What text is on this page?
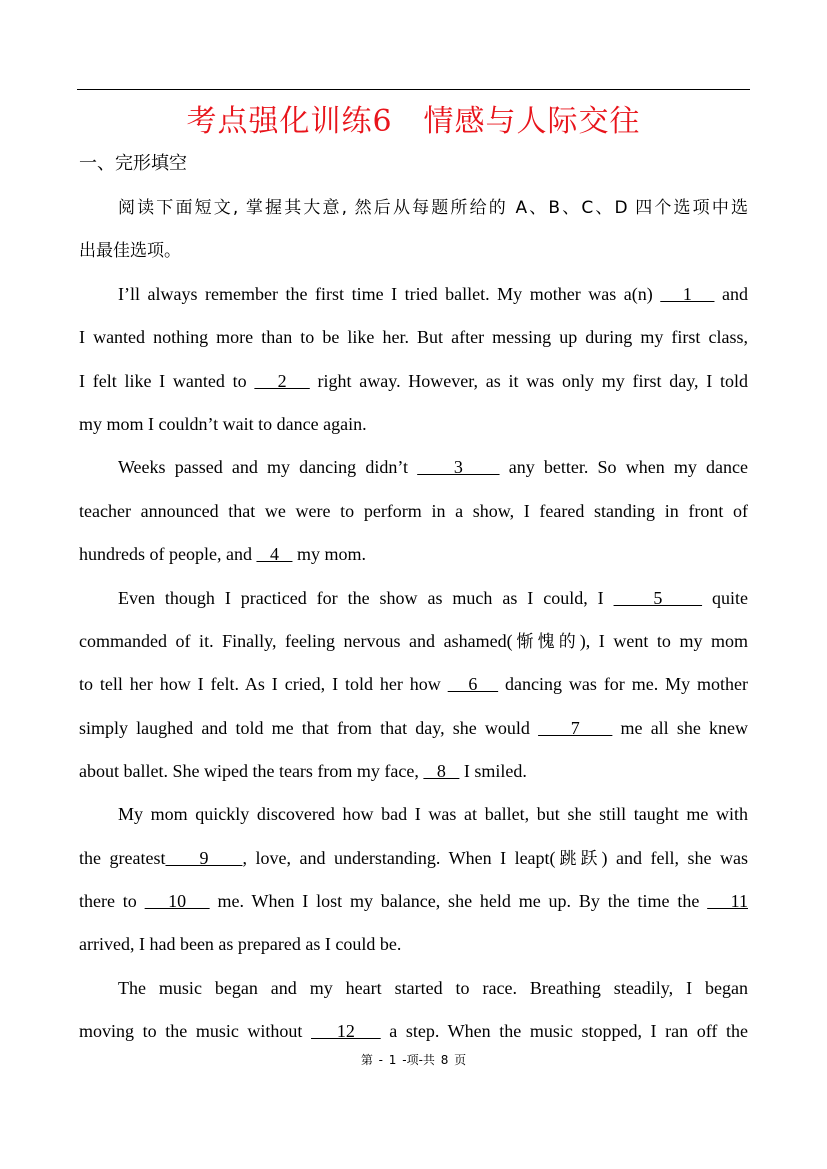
考点强化训练6　情感与人际交往
一、完形填空
阅读下面短文, 掌握其大意, 然后从每题所给的 A、B、C、D 四个选项中选
出最佳选项。
I’ll always remember the first time I tried ballet. My mother was a(n)    1    and
I wanted nothing more than to be like her. But after messing up during my first class,
I felt like I wanted to    2    right away. However, as it was only my first day, I told
my mom I couldn’t wait to dance again.
Weeks passed and my dancing didn’t     3     any better. So when my dance
teacher announced that we were to perform in a show, I feared standing in front of
hundreds of people, and    4    my mom.
Even though I practiced for the show as much as I could, I     5     quite
commanded of it. Finally, feeling nervous and ashamed(惭愧的), I went to my mom
to tell her how I felt. As I cried, I told her how    6    dancing was for me. My mother
simply laughed and told me that from that day, she would     7     me all she knew
about ballet. She wiped the tears from my face,    8    I smiled.
My mom quickly discovered how bad I was at ballet, but she still taught me with
the greatest    9    , love, and understanding. When I leapt(跳跃) and fell, she was
there to    10    me. When I lost my balance, she held me up. By the time the    11
arrived, I had been as prepared as I could be.
The music began and my heart started to race. Breathing steadily, I began
moving to the music without    12    a step. When the music stopped, I ran off the
第 - 1 -项-共 8 页
